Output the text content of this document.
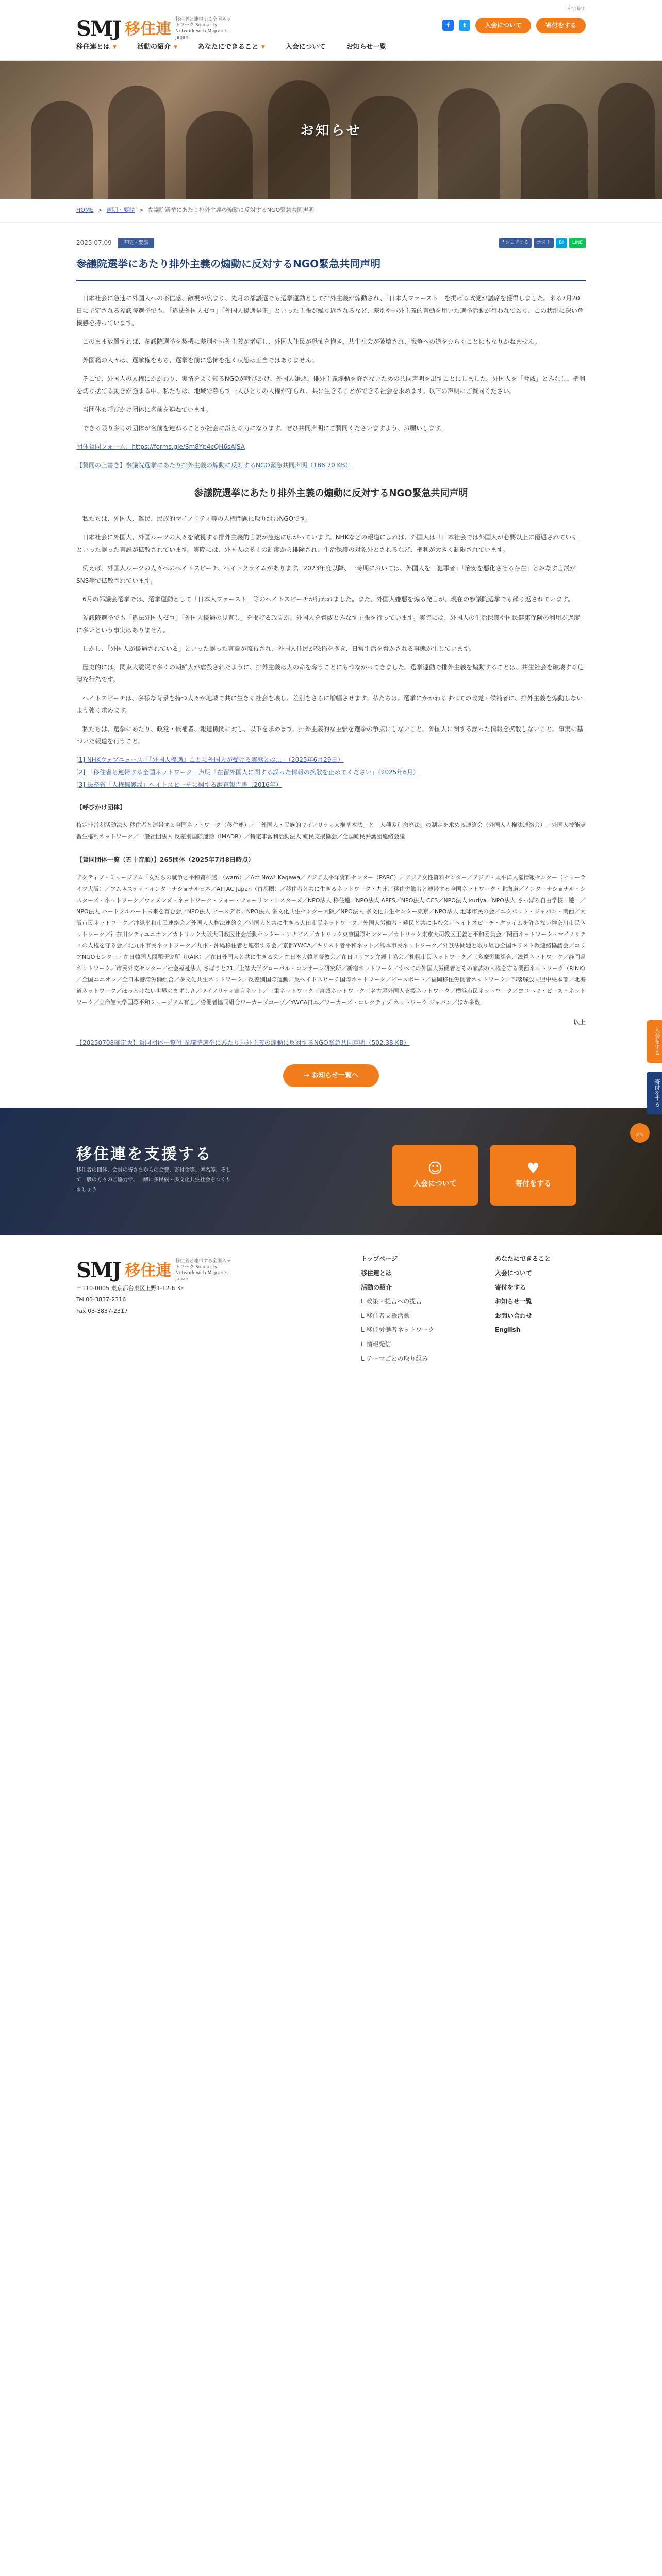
SMJ 移住連
移住者と連帯する全国ネットワーク Solidarity Network with Migrants Japan
English
f	t	入会について	寄付をする
移住連とは ▼	活動の紹介 ▼	あなたにできること ▼	入会について	お知らせ一覧
お知らせ
HOME > 声明・要請 > 参議院選挙にあたり排外主義の煽動に反対するNGO緊急共同声明
2025.07.09	声明・要請	f シェアする	ポスト	B!	LINE
参議院選挙にあたり排外主義の煽動に反対するNGO緊急共同声明

日本社会に急速に外国人への不信感、敵視が広まり、先月の都議選でも選挙運動として排外主義が煽動され、「日本人ファースト」を掲げる政党が議席を獲得しました。来る7月20日に予定される参議院選挙でも、「違法外国人ゼロ」「外国人優遇是正」といった主張が繰り返されるなど、差別や排外主義的言動を用いた選挙活動が行われており、この状況に深い危機感を持っています。

このまま放置すれば、参議院選挙を契機に差別や排外主義が増幅し、外国人住民が恐怖を抱き、共生社会が破壊され、戦争への道をひらくことにもなりかねません。

外国籍の人々は、選挙権をもち、選挙を前に恐怖を抱く状態は正当ではありません。

そこで、外国人の人権にかかわり、実情をよく知るNGOが呼びかけ、外国人嫌悪、排外主義煽動を許さないための共同声明を出すことにしました。外国人を「脅威」とみなし、権利を切り捨てる動きが強まる中、私たちは、地域で暮らす一人ひとりの人権が守られ、共に生きることができる社会を求めます。以下の声明にご賛同ください。

当団体も呼びかけ団体に名前を連ねています。

できる限り多くの団体が名前を連ねることが社会に訴える力になります。ぜひ共同声明にご賛同くださいますよう、お願いします。

団体賛同フォーム：https://forms.gle/Sm8Yp4cQH6sAJSA

【賛同の上書き】参議院選挙にあたり排外主義の煽動に反対するNGO緊急共同声明（186.70 KB）

参議院選挙にあたり排外主義の煽動に反対するNGO緊急共同声明

私たちは、外国人、難民、民族的マイノリティ等の人権問題に取り組むNGOです。

日本社会に外国人、外国ルーツの人々を敵視する排外主義的言説が急速に広がっています。NHKなどの報道によれば、外国人は「日本社会では外国人が必要以上に優遇されている」といった誤った言説が拡散されています。実際には、外国人は多くの制度から排除され、生活保護の対象外とされるなど、権利が大きく制限されています。

例えば、外国人ルーツの人々へのヘイトスピーチ、ヘイトクライムがあります。2023年度以降、一時期においては、外国人を「犯罪者」「治安を悪化させる存在」とみなす言説がSNS等で拡散されています。

6月の都議会選挙では、選挙運動として「日本人ファースト」等のヘイトスピーチが行われました。また、外国人嫌悪を煽る発言が、現在の参議院選挙でも繰り返されています。

参議院選挙でも「違法外国人ゼロ」「外国人優遇の見直し」を掲げる政党が、外国人を脅威とみなす主張を行っています。実際には、外国人の生活保護や国民健康保険の利用が過度に多いという事実はありません。

しかし、「外国人が優遇されている」といった誤った言説が流布され、外国人住民が恐怖を抱き、日常生活を脅かされる事態が生じています。

歴史的には、関東大震災で多くの朝鮮人が虐殺されたように、排外主義は人の命を奪うことにもつながってきました。選挙運動で排外主義を煽動することは、共生社会を破壊する危険な行為です。

ヘイトスピーチは、多様な背景を持つ人々が地域で共に生きる社会を壊し、差別をさらに増幅させます。私たちは、選挙にかかわるすべての政党・候補者に、排外主義を煽動しないよう強く求めます。

私たちは、選挙にあたり、政党・候補者、報道機関に対し、以下を求めます。排外主義的な主張を選挙の争点にしないこと。外国人に関する誤った情報を拡散しないこと。事実に基づいた報道を行うこと。

[1] NHKウェブニュース「『外国人優遇』ことに外国人が受ける実態とは…」（2025年6月29日）
[2] 「移住者と連帯する全国ネットワーク」声明「在留外国人に関する誤った情報の拡散を止めてください」（2025年6月）
[3] 法務省「人権擁護局」ヘイトスピーチに関する調査報告書（2016年）

【呼びかけ団体】

特定非営利活動法人 移住者と連帯する全国ネットワーク（移住連）／「外国人・民族的マイノリティ人権基本法」と「人種差別撤廃法」の制定を求める連絡会（外国人人権法連絡会）／外国人技能実習生権利ネットワーク／一般社団法人 反差別国際運動（IMADR）／特定非営利活動法人 難民支援協会／全国難民弁護団連絡会議

【賛同団体一覧（五十音順）】265団体（2025年7月8日時点）

アクティブ・ミュージアム「女たちの戦争と平和資料館」（wam）／Act Now! Kagawa／アジア太平洋資料センター（PARC）／アジア女性資料センター／アジア・太平洋人権情報センター（ヒューライツ大阪）／アムネスティ・インターナショナル日本／ATTAC Japan（首都圏）／移住者と共に生きるネットワーク・九州／移住労働者と連帯する全国ネットワーク・北海道／インターナショナル・シスターズ・ネットワーク／ウィメンズ・ネットワーク・フォー・フォーリン・シスターズ／NPO法人 移住連／NPO法人 APFS／NPO法人 CCS／NPO法人 kuriya／NPO法人 さっぽろ自由学校「遊」／NPO法人 ハートフルハート未来を育む会／NPO法人 ピースデポ／NPO法人 多文化共生センター大阪／NPO法人 多文化共生センター東京／NPO法人 地球市民の会／エクパット・ジャパン・関西／大阪市民ネットワーク／沖縄平和市民連絡会／外国人人権法連絡会／外国人と共に生きる大田市民ネットワーク／外国人労働者・難民と共に歩む会／ヘイトスピーチ・クライムを許さない神奈川市民ネットワーク／神奈川シティユニオン／カトリック大阪大司教区社会活動センター・シナピス／カトリック東京国際センター／カトリック東京大司教区正義と平和委員会／関西ネットワーク・マイノリティの人権を守る会／北九州市民ネットワーク／九州・沖縄移住者と連帯する会／京都YWCA／キリスト者平和ネット／熊本市民ネットワーク／外登法問題と取り組む全国キリスト教連絡協議会／コリアNGOセンター／在日韓国人問題研究所（RAIK）／在日外国人と共に生きる会／在日本大韓基督教会／在日コリアン弁護士協会／札幌市民ネットワーク／三多摩労働組合／滋賀ネットワーク／静岡県ネットワーク／市民外交センター／社会福祉法人 さぽうと21／上智大学グローバル・コンサーン研究所／新宿ネットワーク／すべての外国人労働者とその家族の人権を守る関西ネットワーク（RINK）／全国ユニオン／全日本港湾労働組合／多文化共生ネットワーク／反差別国際運動／反ヘイトスピーチ国際ネットワーク／ピースボート／福岡移住労働者ネットワーク／部落解放同盟中央本部／北海道ネットワーク／ほっとけない世界のまずしさ／マイノリティ宣言ネット／三重ネットワーク／宮城ネットワーク／名古屋外国人支援ネットワーク／横浜市民ネットワーク／ヨコハマ・ピース・ネットワーク／立命館大学国際平和ミュージアム有志／労働者協同組合ワーカーズコープ／YWCA日本／ワーカーズ・コレクティブ ネットワーク ジャパン／ほか多数

以上

【20250708確定版】賛同団体一覧付 参議院選挙にあたり排外主義の煽動に反対するNGO緊急共同声明（502.38 KB）

→ お知らせ一覧へ
移住連を支援する

移住者の団体、会員の皆さまからの会費、寄付金等、署名等、そして一般の方々のご協力で、一緒に多民族・多文化共生社会をつくりましょう

☺
入会について
♥
寄付をする
SMJ 移住連
移住者と連帯する全国ネットワーク Solidarity Network with Migrants Japan
〒110-0005 東京都台東区上野1-12-6 3F
Tel 03-3837-2316
Fax 03-3837-2317
トップページ
移住連とは
活動の紹介
L 政策・提言への提言
L 移住者支援活動
L 移住労働者ネットワーク
L 情報発信
L テーマごとの取り組み
あなたにできること
入会について
寄付をする
お知らせ一覧
お問い合わせ
English
入会をする
寄付をする
︽
